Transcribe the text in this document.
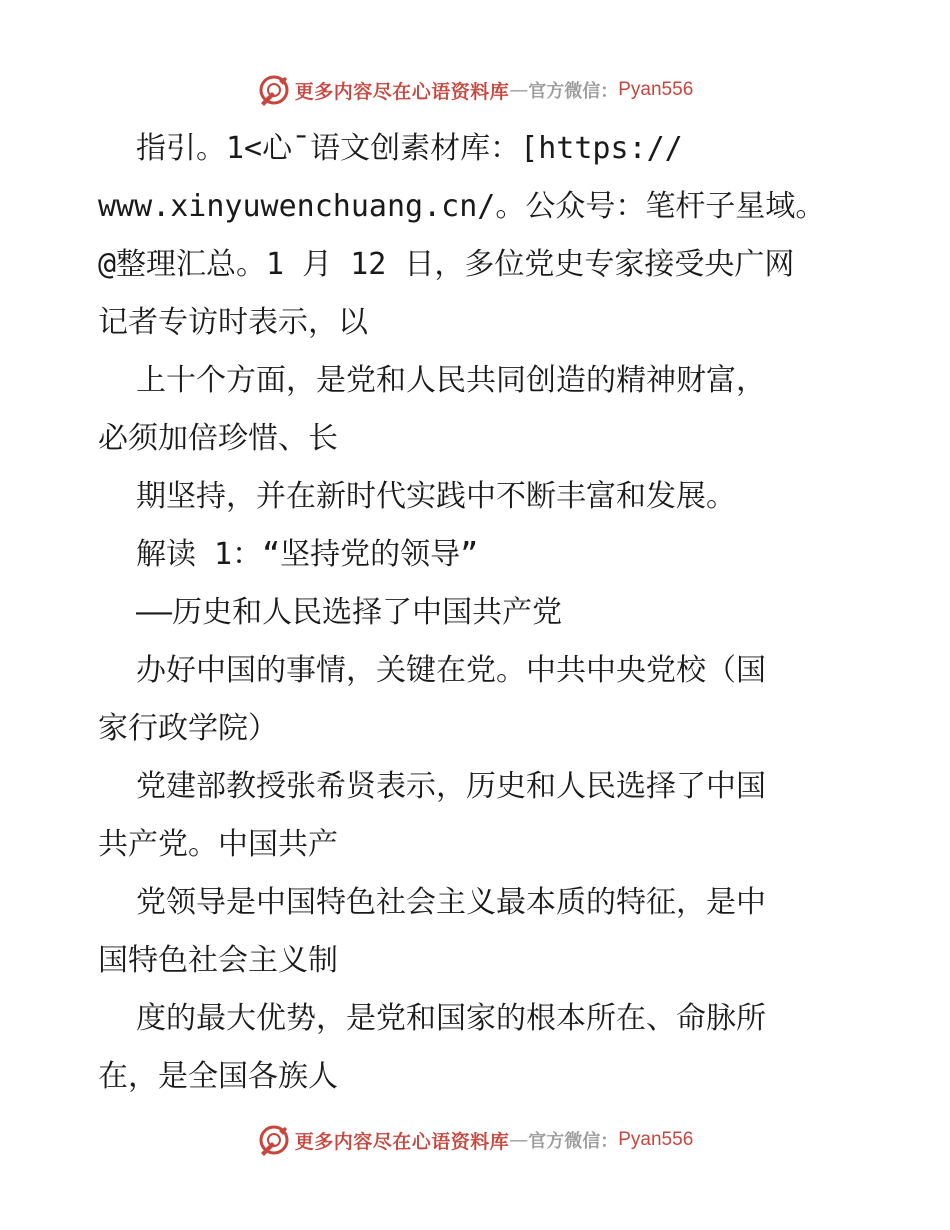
更多内容尽在心语资料库 — 官方微信： Pyan556
指引。1<心¯语文创素材库：[https://
www.xinyuwenchuang.cn/。公众号：笔杆子星域。
@整理汇总。1 月 12 日，多位党史专家接受央广网
记者专访时表示，以
上十个方面，是党和人民共同创造的精神财富，
必须加倍珍惜、长
期坚持，并在新时代实践中不断丰富和发展。
解读 1：“坚持党的领导”
——历史和人民选择了中国共产党
办好中国的事情，关键在党。中共中央党校（国
家行政学院）
党建部教授张希贤表示，历史和人民选择了中国
共产党。中国共产
党领导是中国特色社会主义最本质的特征，是中
国特色社会主义制
度的最大优势，是党和国家的根本所在、命脉所
在，是全国各族人
更多内容尽在心语资料库 — 官方微信： Pyan556
